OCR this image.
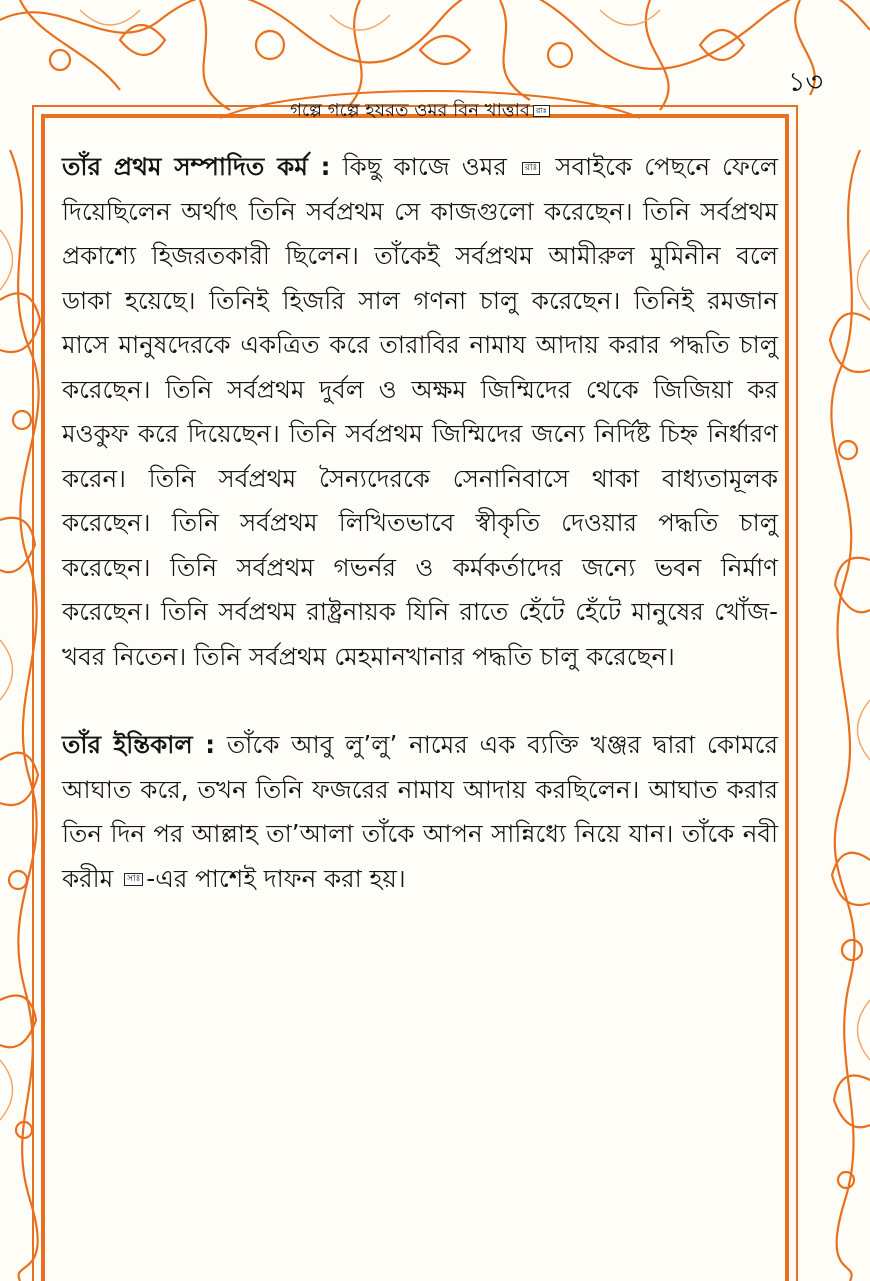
১৩
গল্পে গল্পে হযরত ওমর বিন খাত্তাব রাঃ

তাঁর প্রথম সম্পাদিত কর্ম : কিছু কাজে ওমর রাঃ সবাইকে পেছনে ফেলে দিয়েছিলেন অর্থাৎ তিনি সর্বপ্রথম সে কাজগুলো করেছেন। তিনি সর্বপ্রথম প্রকাশ্যে হিজরতকারী ছিলেন। তাঁকেই সর্বপ্রথম আমীরুল মুমিনীন বলে ডাকা হয়েছে। তিনিই হিজরি সাল গণনা চালু করেছেন। তিনিই রমজান মাসে মানুষদেরকে একত্রিত করে তারাবির নামায আদায় করার পদ্ধতি চালু করেছেন। তিনি সর্বপ্রথম দুর্বল ও অক্ষম জিম্মিদের থেকে জিজিয়া কর মওকুফ করে দিয়েছেন। তিনি সর্বপ্রথম জিম্মিদের জন্যে নির্দিষ্ট চিহ্ন নির্ধারণ করেন। তিনি সর্বপ্রথম সৈন্যদেরকে সেনানিবাসে থাকা বাধ্যতামূলক করেছেন। তিনি সর্বপ্রথম লিখিতভাবে স্বীকৃতি দেওয়ার পদ্ধতি চালু করেছেন। তিনি সর্বপ্রথম গভর্নর ও কর্মকর্তাদের জন্যে ভবন নির্মাণ করেছেন। তিনি সর্বপ্রথম রাষ্ট্রনায়ক যিনি রাতে হেঁটে হেঁটে মানুষের খোঁজ-খবর নিতেন। তিনি সর্বপ্রথম মেহমানখানার পদ্ধতি চালু করেছেন।

তাঁর ইন্তিকাল : তাঁকে আবু লু’লু’ নামের এক ব্যক্তি খঞ্জর দ্বারা কোমরে আঘাত করে, তখন তিনি ফজরের নামায আদায় করছিলেন। আঘাত করার তিন দিন পর আল্লাহ তা’আলা তাঁকে আপন সান্নিধ্যে নিয়ে যান। তাঁকে নবী করীম সাঃ -এর পাশেই দাফন করা হয়।
